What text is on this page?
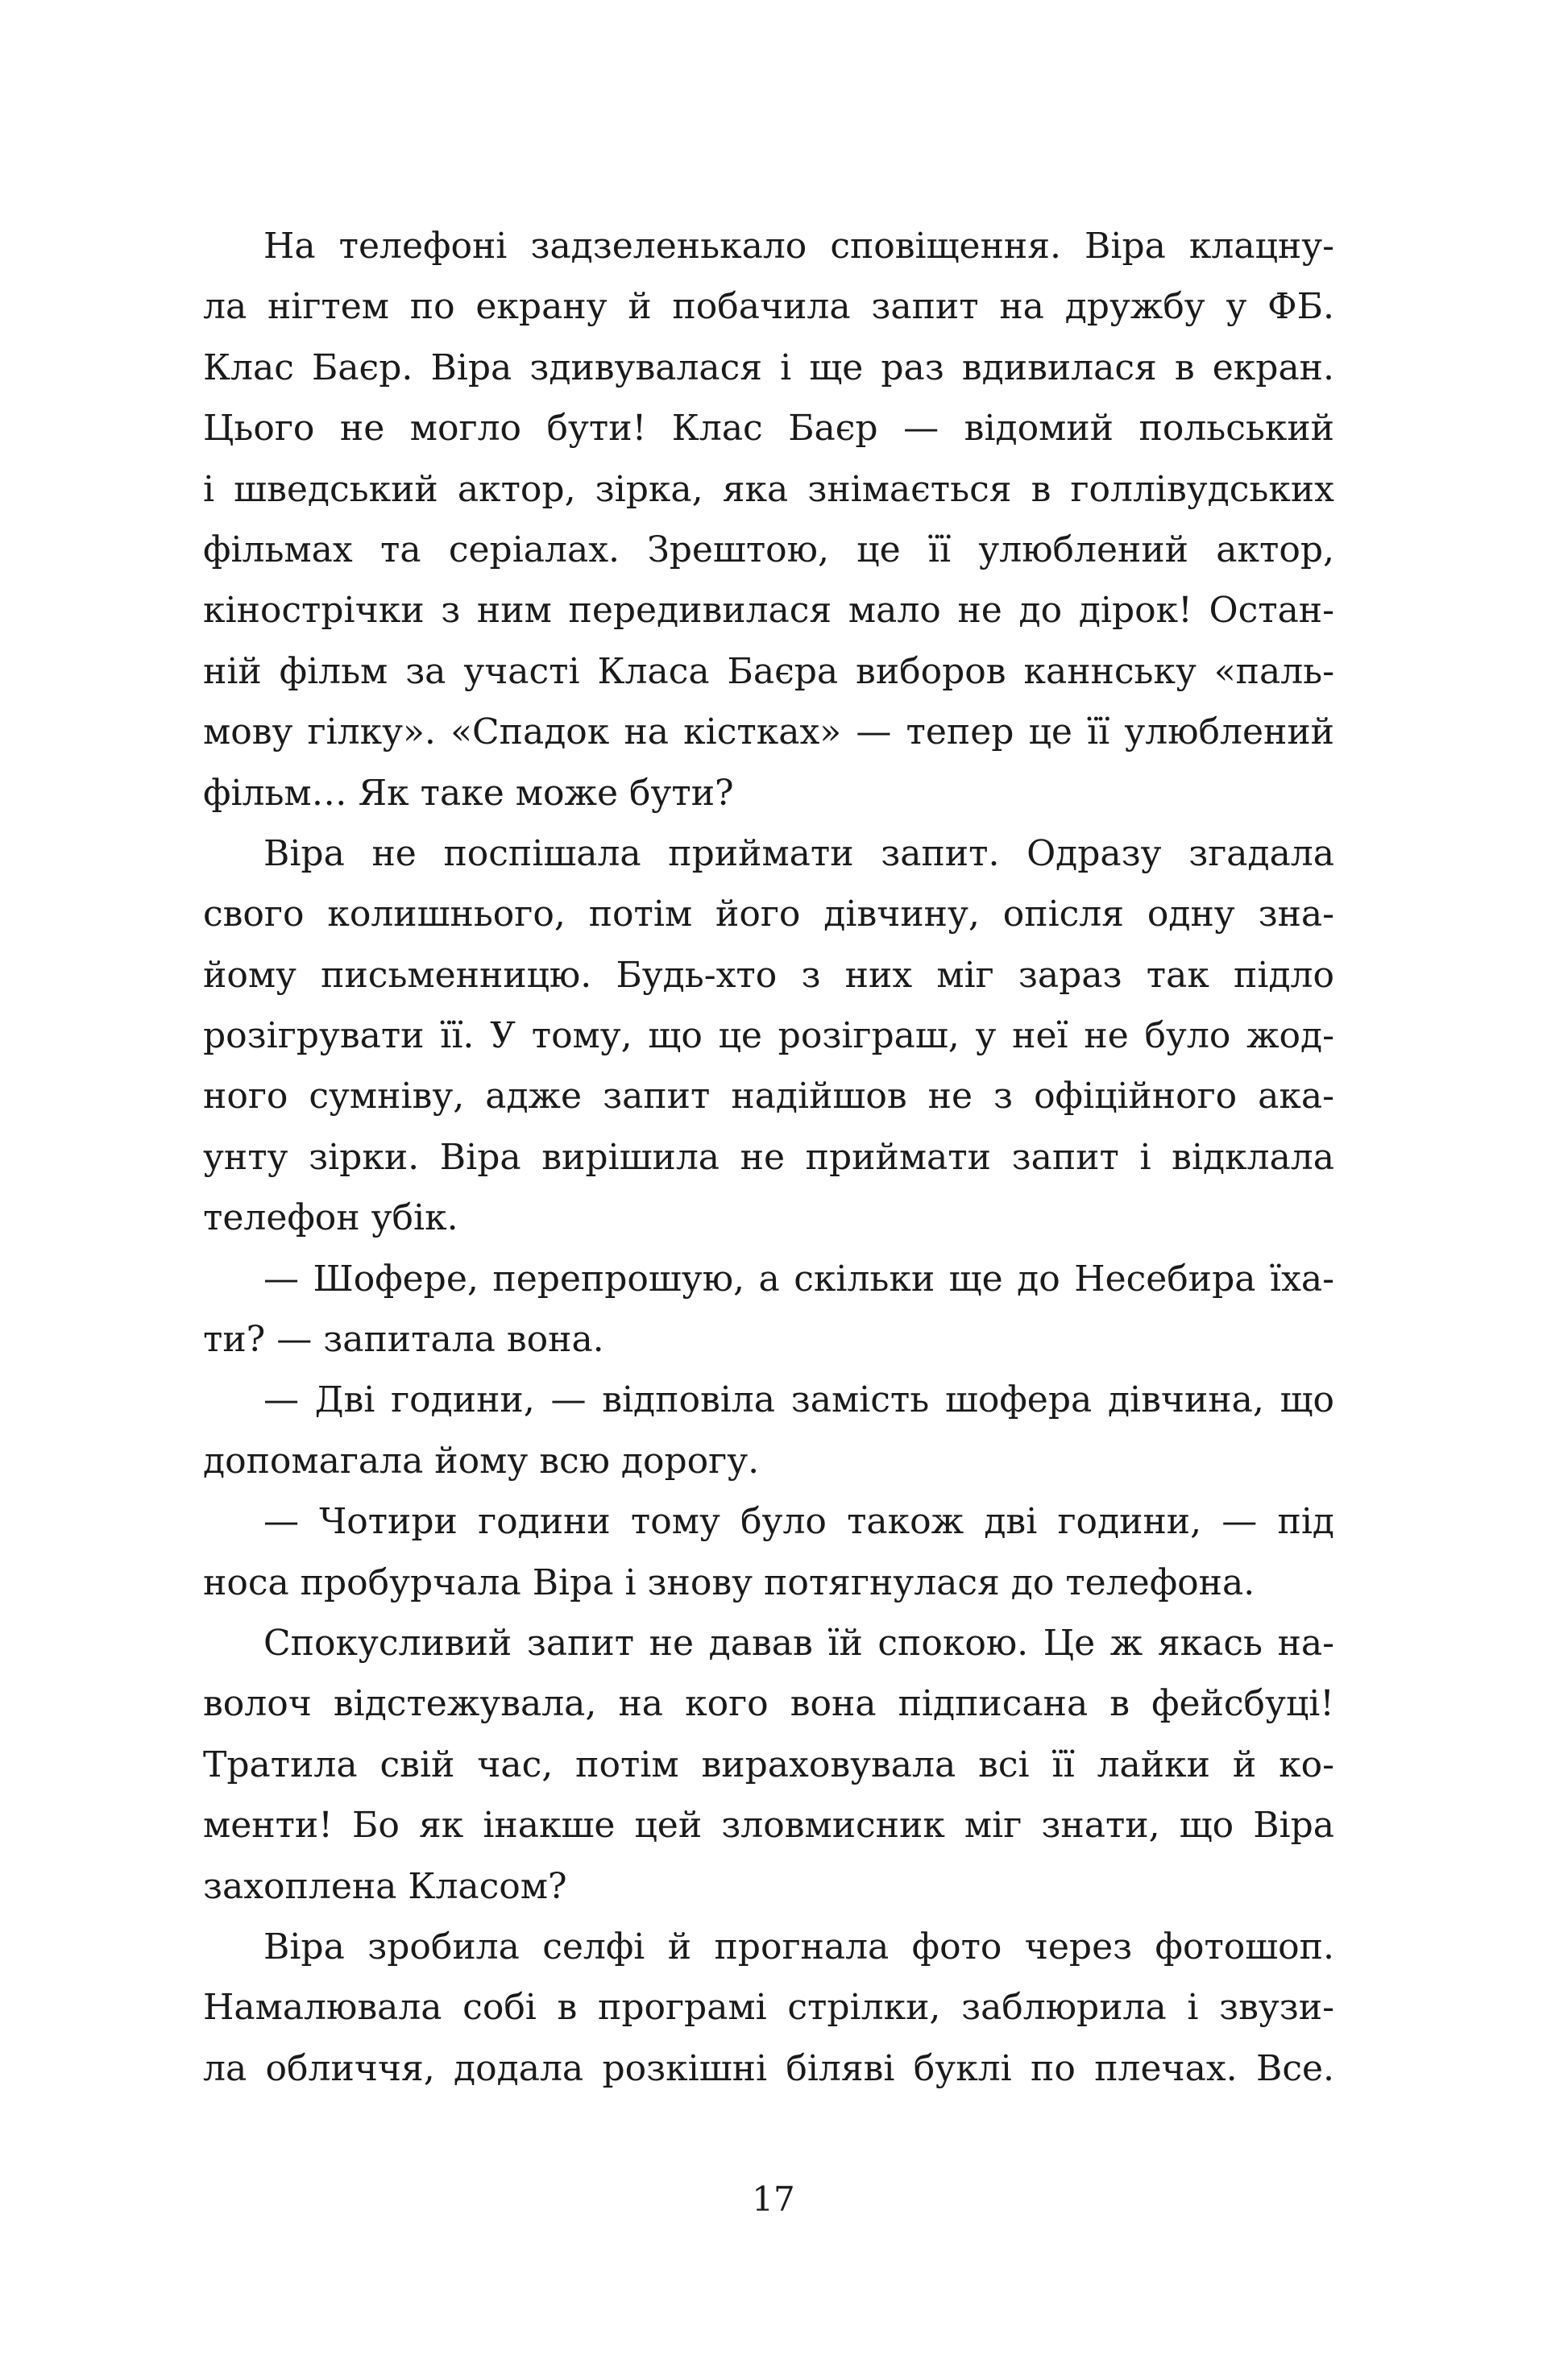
На телефоні задзеленькало сповіщення. Віра клацну-
ла нігтем по екрану й побачила запит на дружбу у ФБ.
Клас Баєр. Віра здивувалася і ще раз вдивилася в екран.
Цього не могло бути! Клас Баєр — відомий польський
і шведський актор, зірка, яка знімається в голлівудських
фільмах та серіалах. Зрештою, це її улюблений актор,
кінострічки з ним передивилася мало не до дірок! Остан-
ній фільм за участі Класа Баєра виборов каннську «паль-
мову гілку». «Спадок на кістках» — тепер це її улюблений
фільм… Як таке може бути?
Віра не поспішала приймати запит. Одразу згадала
свого колишнього, потім його дівчину, опісля одну зна-
йому письменницю. Будь-хто з них міг зараз так підло
розігрувати її. У тому, що це розіграш, у неї не було жод-
ного сумніву, адже запит надійшов не з офіційного ака-
унту зірки. Віра вирішила не приймати запит і відклала
телефон убік.
— Шофере, перепрошую, а скільки ще до Несебира їха-
ти? — запитала вона.
— Дві години, — відповіла замість шофера дівчина, що
допомагала йому всю дорогу.
— Чотири години тому було також дві години, — під
носа пробурчала Віра і знову потягнулася до телефона.
Спокусливий запит не давав їй спокою. Це ж якась на-
волоч відстежувала, на кого вона підписана в фейсбуці!
Тратила свій час, потім вираховувала всі її лайки й ко-
менти! Бо як інакше цей зловмисник міг знати, що Віра
захоплена Класом?
Віра зробила селфі й прогнала фото через фотошоп.
Намалювала собі в програмі стрілки, заблюрила і звузи-
ла обличчя, додала розкішні біляві буклі по плечах. Все.
17
